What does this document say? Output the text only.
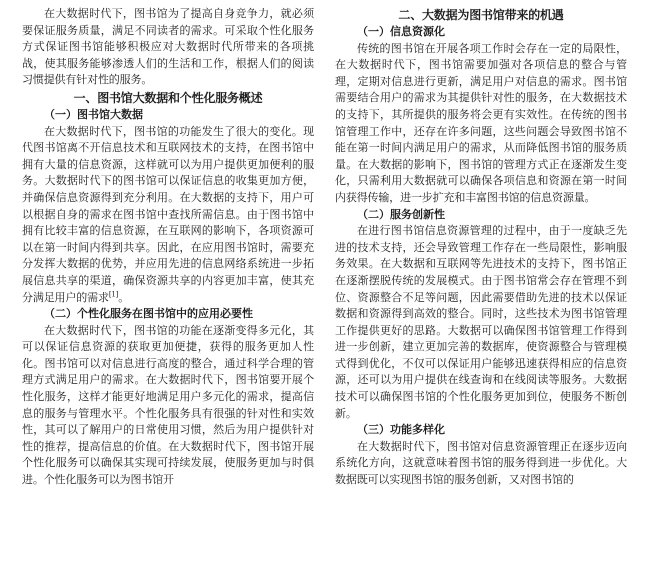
在大数据时代下，图书馆为了提高自身竞争力，就必须要保证服务质量，满足不同读者的需求。可采取个性化服务方式保证图书馆能够积极应对大数据时代所带来的各项挑战，使其服务能够渗透人们的生活和工作，根据人们的阅读习惯提供有针对性的服务。

一、图书馆大数据和个性化服务概述

（一）图书馆大数据

在大数据时代下，图书馆的功能发生了很大的变化。现代图书馆离不开信息技术和互联网技术的支持，在图书馆中拥有大量的信息资源，这样就可以为用户提供更加便利的服务。大数据时代下的图书馆可以保证信息的收集更加方便，并确保信息资源得到充分利用。在大数据的支持下，用户可以根据自身的需求在图书馆中查找所需信息。由于图书馆中拥有比较丰富的信息资源，在互联网的影响下，各项资源可以在第一时间内得到共享。因此，在应用图书馆时，需要充分发挥大数据的优势，并应用先进的信息网络系统进一步拓展信息共享的渠道，确保资源共享的内容更加丰富，使其充分满足用户的需求[1]。

（二）个性化服务在图书馆中的应用必要性

在大数据时代下，图书馆的功能在逐渐变得多元化，其可以保证信息资源的获取更加便捷，获得的服务更加人性化。图书馆可以对信息进行高度的整合，通过科学合理的管理方式满足用户的需求。在大数据时代下，图书馆要开展个性化服务，这样才能更好地满足用户多元化的需求，提高信息的服务与管理水平。个性化服务具有很强的针对性和实效性，其可以了解用户的日常使用习惯，然后为用户提供针对性的推荐，提高信息的价值。在大数据时代下，图书馆开展个性化服务可以确保其实现可持续发展，使服务更加与时俱进。个性化服务可以为图书馆开

二、大数据为图书馆带来的机遇

（一）信息资源化

传统的图书馆在开展各项工作时会存在一定的局限性，在大数据时代下，图书馆需要加强对各项信息的整合与管理，定期对信息进行更新，满足用户对信息的需求。图书馆需要结合用户的需求为其提供针对性的服务，在大数据技术的支持下，其所提供的服务将会更有实效性。在传统的图书馆管理工作中，还存在许多问题，这些问题会导致图书馆不能在第一时间内满足用户的需求，从而降低图书馆的服务质量。在大数据的影响下，图书馆的管理方式正在逐渐发生变化，只需利用大数据就可以确保各项信息和资源在第一时间内获得传输，进一步扩充和丰富图书馆的信息资源量。

（二）服务创新性

在进行图书馆信息资源管理的过程中，由于一度缺乏先进的技术支持，还会导致管理工作存在一些局限性，影响服务效果。在大数据和互联网等先进技术的支持下，图书馆正在逐渐摆脱传统的发展模式。由于图书馆常会存在管理不到位、资源整合不足等问题，因此需要借助先进的技术以保证数据和资源得到高效的整合。同时，这些技术为图书馆管理工作提供更好的思路。大数据可以确保图书馆管理工作得到进一步创新，建立更加完善的数据库，使资源整合与管理模式得到优化，不仅可以保证用户能够迅速获得相应的信息资源，还可以为用户提供在线查询和在线阅读等服务。大数据技术可以确保图书馆的个性化服务更加到位，使服务不断创新。

（三）功能多样化

在大数据时代下，图书馆对信息资源管理正在逐步迈向系统化方向，这就意味着图书馆的服务得到进一步优化。大数据既可以实现图书馆的服务创新，又对图书馆的
